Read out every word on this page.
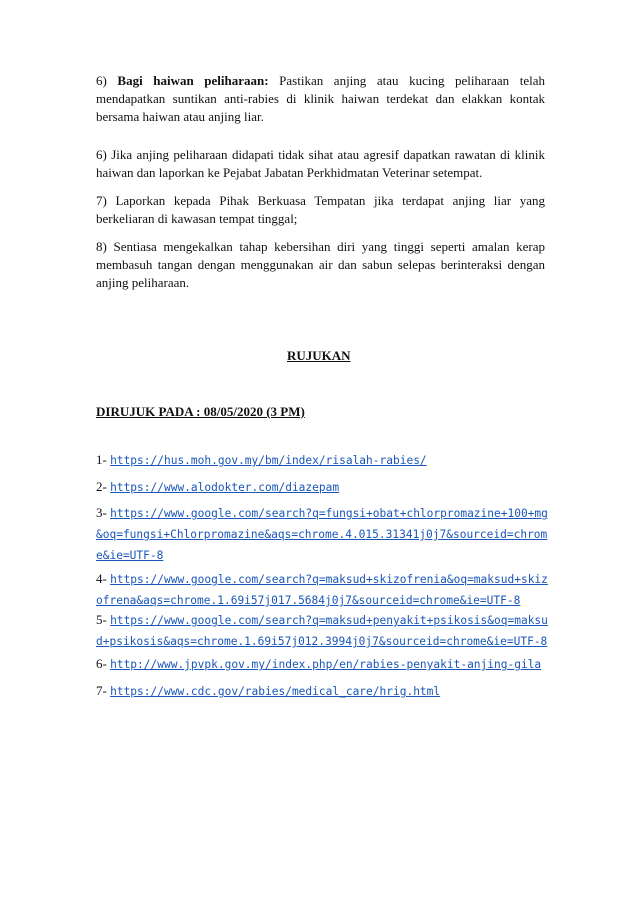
6) Bagi haiwan peliharaan: Pastikan anjing atau kucing peliharaan telah mendapatkan suntikan anti-rabies di klinik haiwan terdekat dan elakkan kontak bersama haiwan atau anjing liar.

6) Jika anjing peliharaan didapati tidak sihat atau agresif dapatkan rawatan di klinik haiwan dan laporkan ke Pejabat Jabatan Perkhidmatan Veterinar setempat.

7) Laporkan kepada Pihak Berkuasa Tempatan jika terdapat anjing liar yang berkeliaran di kawasan tempat tinggal;

8) Sentiasa mengekalkan tahap kebersihan diri yang tinggi seperti amalan kerap membasuh tangan dengan menggunakan air dan sabun selepas berinteraksi dengan anjing peliharaan.

RUJUKAN

DIRUJUK PADA : 08/05/2020 (3 PM)

1- https://hus.moh.gov.my/bm/index/risalah-rabies/

2- https://www.alodokter.com/diazepam

3- https://www.google.com/search?q=fungsi+obat+chlorpromazine+100+mg&oq=fungsi+Chlorpromazine&aqs=chrome.4.015.31341j0j7&sourceid=chrome&ie=UTF-8

4- https://www.google.com/search?q=maksud+skizofrenia&oq=maksud+skizofrena&aqs=chrome.1.69i57j017.5684j0j7&sourceid=chrome&ie=UTF-8

5- https://www.google.com/search?q=maksud+penyakit+psikosis&oq=maksud+psikosis&aqs=chrome.1.69i57j012.3994j0j7&sourceid=chrome&ie=UTF-8

6- http://www.jpvpk.gov.my/index.php/en/rabies-penyakit-anjing-gila

7- https://www.cdc.gov/rabies/medical_care/hrig.html
